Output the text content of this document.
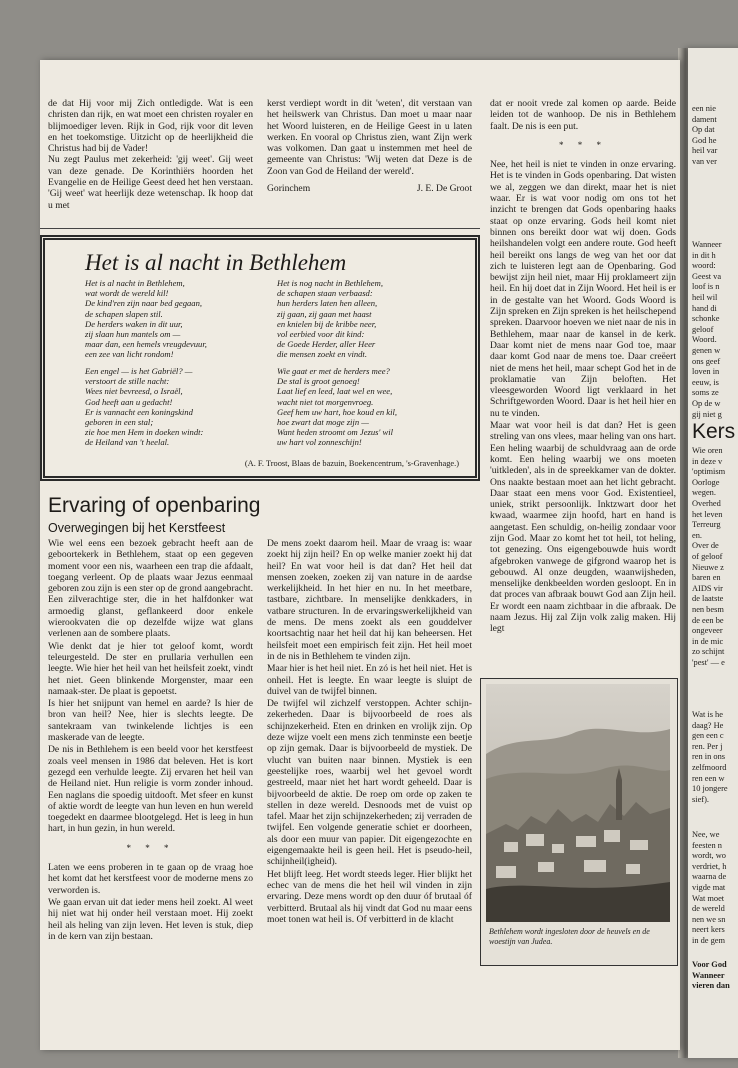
de dat Hij voor mij Zich ontledigde. Wat is een christen dan rijk, en wat moet een christen royaler en blijmoediger leven. Rijk in God, rijk voor dit leven en het toekomstige. Uitzicht op de heerlijkheid die Christus had bij de Vader!
Nu zegt Paulus met zekerheid: 'gij weet'. Gij weet van deze genade. De Korinthiërs hoorden het Evangelie en de Heilige Geest deed het hen verstaan. 'Gij weet' wat heerlijk deze wetenschap. Ik hoop dat u met

kerst verdiept wordt in dit 'weten', dit verstaan van het heilswerk van Christus. Dan moet u maar naar het Woord luisteren, en de Heilige Geest in u laten werken. En vooral op Christus zien, want Zijn werk was volkomen. Dan gaat u instemmen met heel de gemeente van Christus: 'Wij weten dat Deze is de Zoon van God de Heiland der wereld'.

Gorinchem	J. E. De Groot

dat er nooit vrede zal komen op aarde. Beide leiden tot de wanhoop. De nis in Bethlehem faalt. De nis is een put.

* * *

Nee, het heil is niet te vinden in onze ervaring. Het is te vinden in Gods openbaring. Dat wisten we al, zeggen we dan direkt, maar het is niet waar. Er is wat voor nodig om ons tot het inzicht te brengen dat Gods openbaring haaks staat op onze ervaring. Gods heil komt niet binnen ons bereikt door wat wij doen. Gods heilshandelen volgt een andere route. God heeft heil bereikt ons langs de weg van het oor dat zich te luisteren legt aan de Openbaring. God bewijst zijn heil niet, maar Hij proklameert zijn heil. En hij doet dat in Zijn Woord. Het heil is er in de gestalte van het Woord. Gods Woord is Zijn spreken en Zijn spreken is het heilschepend spreken. Daarvoor hoeven we niet naar de nis in Bethlehem, maar naar de kansel in de kerk. Daar komt niet de mens naar God toe, maar daar komt God naar de mens toe. Daar creëert niet de mens het heil, maar schept God het in de proklamatie van Zijn beloften. Het vleesgeworden Woord ligt verklaard in het Schriftgeworden Woord. Daar is het heil hier en nu te vinden.

Maar wat voor heil is dat dan? Het is geen streling van ons vlees, maar heling van ons hart. Een heling waarbij de schuldvraag aan de orde komt. Een heling waarbij we ons moeten 'uitkleden', als in de spreekkamer van de dokter. Ons naakte bestaan moet aan het licht gebracht. Daar staat een mens voor God. Existentieel, uniek, strikt persoonlijk. Inktzwart door het kwaad, waarmee zijn hoofd, hart en hand is aangetast. Een schuldig, on-heilig zondaar voor zijn God. Maar zo komt het tot heil, tot heling, tot genezing. Ons eigengebouwde huis wordt afgebroken vanwege de gifgrond waarop het is gebouwd. Al onze deugden, waanwijsheden, menselijke denkbeelden worden gesloopt. En in dat proces van afbraak bouwt God aan Zijn heil. Er wordt een naam zichtbaar in die afbraak. De naam Jezus. Hij zal Zijn volk zalig maken. Hij legt

Het is al nacht in Bethlehem
Het is al nacht in Bethlehem,
wat wordt de wereld kil!
De kind'ren zijn naar bed gegaan,
de schapen slapen stil.
De herders waken in dit uur,
zij slaan hun mantels om —
maar dan, een hemels vreugdevuur,
een zee van licht rondom!
Het is nog nacht in Bethlehem,
de schapen staan verbaasd:
hun herders laten hen alleen,
zij gaan, zij gaan met haast
en knielen bij de kribbe neer,
vol eerbied voor dit kind:
de Goede Herder, aller Heer
die mensen zoekt en vindt.
Een engel — is het Gabriël? —
verstoort de stille nacht:
Wees niet bevreesd, o Israël,
God heeft aan u gedacht!
Er is vannacht een koningskind
geboren in een stal;
zie hoe men Hem in doeken windt:
de Heiland van 't heelal.
Wie gaat er met de herders mee?
De stal is groot genoeg!
Laat lief en leed, laat wel en wee,
wacht niet tot morgenvroeg.
Geef hem uw hart, hoe koud en kil,
hoe zwart dat moge zijn —
Want heden stroomt om Jezus' wil
uw hart vol zonneschijn!
(A. F. Troost, Blaas de bazuin, Boekencentrum, 's-Gravenhage.)
Ervaring of openbaring
Overwegingen bij het Kerstfeest

Wie wel eens een bezoek gebracht heeft aan de geboortekerk in Bethlehem, staat op een gegeven moment voor een nis, waarheen een trap die afdaalt, toegang verleent. Op de plaats waar Jezus eenmaal geboren zou zijn is een ster op de grond aangebracht. Een zilverachtige ster, die in het halfdonker wat armoedig glanst, geflankeerd door enkele wierookvaten die op dezelfde wijze wat glans verlenen aan de sombere plaats.

Wie denkt dat je hier tot geloof komt, wordt teleurgesteld. De ster en prullaria verhullen een leegte. Wie hier het heil van het heilsfeit zoekt, vindt het niet. Geen blinkende Morgenster, maar een namaak-ster. De plaat is gepoetst.

Is hier het snijpunt van hemel en aarde? Is hier de bron van heil? Nee, hier is slechts leegte. De santekraam van twinkelende lichtjes is een maskerade van de leegte.

De nis in Bethlehem is een beeld voor het kerstfeest zoals veel mensen in 1986 dat beleven. Het is kort gezegd een verhulde leegte. Zij ervaren het heil van de Heiland niet. Hun religie is vorm zonder inhoud. Een naglans die spoedig uitdooft. Met sfeer en kunst of aktie wordt de leegte van hun leven en hun wereld toegedekt en daarmee blootgelegd. Het is leeg in hun hart, in hun gezin, in hun wereld.

* * *

Laten we eens proberen in te gaan op de vraag hoe het komt dat het kerstfeest voor de moderne mens zo verworden is.

We gaan ervan uit dat ieder mens heil zoekt. Al weet hij niet wat hij onder heil verstaan moet. Hij zoekt heil als heling van zijn leven. Het leven is stuk, diep in de kern van zijn bestaan.

De mens zoekt daarom heil. Maar de vraag is: waar zoekt hij zijn heil? En op welke manier zoekt hij dat heil? En wat voor heil is dat dan? Het heil dat mensen zoeken, zoeken zij van nature in de aardse werkelijkheid. In het hier en nu. In het meetbare, tastbare, zichtbare. In menselijke denkkaders, in vatbare structuren. In de ervaringswerkelijkheid van de mens. De mens zoekt als een gouddelver koortsachtig naar het heil dat hij kan beheersen. Het heilsfeit moet een empirisch feit zijn. Het heil moet in de nis in Bethlehem te vinden zijn.

Maar hier is het heil niet. En zó is het heil niet. Het is onheil. Het is leegte. En waar leegte is sluipt de duivel van de twijfel binnen.

De twijfel wil zichzelf verstoppen. Achter schijn-zekerheden. Daar is bijvoorbeeld de roes als schijnzekerheid. Eten en drinken en vrolijk zijn. Op deze wijze voelt een mens zich tenminste een beetje op zijn gemak. Daar is bijvoorbeeld de mystiek. De vlucht van buiten naar binnen. Mystiek is een geestelijke roes, waarbij wel het gevoel wordt gestreeld, maar niet het hart wordt geheeld. Daar is bijvoorbeeld de aktie. De roep om orde op zaken te stellen in deze wereld. Desnoods met de vuist op tafel. Maar het zijn schijnzekerheden; zij verraden de twijfel. Een volgende generatie schiet er doorheen, als door een muur van papier. Dit eigengezochte en eigengemaakte heil is geen heil. Het is pseudo-heil, schijnheil(igheid).

Het blijft leeg. Het wordt steeds leger. Hier blijkt het echec van de mens die het heil wil vinden in zijn ervaring. Deze mens wordt op den duur óf brutaal óf verbitterd. Brutaal als hij vindt dat God nu maar eens moet tonen wat heil is. Of verbitterd in de klacht

Bethlehem wordt ingesloten door de heuvels en de woestijn van Judea.
een nie
dament
Op dat
God he
heil var
van ver
Wanneer
in dit h
woord:
Geest va
loof is n
heil wil
hand di
schonke
geloof
Woord.
genen w
ons geef
loven in
eeuw, is
soms ze
Op de w
gij niet g
Kers
Wie oren
in deze v
'optimism
Oorloge
wegen.
Overhed
het leven
Terreurg
en.
Over de
of geloof
Nieuwe z
baren en
AIDS vir
de laatste
nen besm
de een be
ongeveer
in de mic
zo schijnt
'pest' — e
Wat is he
daag? He
gen een c
ren. Per j
ren in ons
zelfmoord
ren een w
10 jongere
sief).
Nee, we
feesten n
wordt, wo
verdriet, h
waarna de
vigde mat
Wat moet
de wereld
nen we sn
neert kers
in de gem
Voor God
Wanneer
vieren dan
